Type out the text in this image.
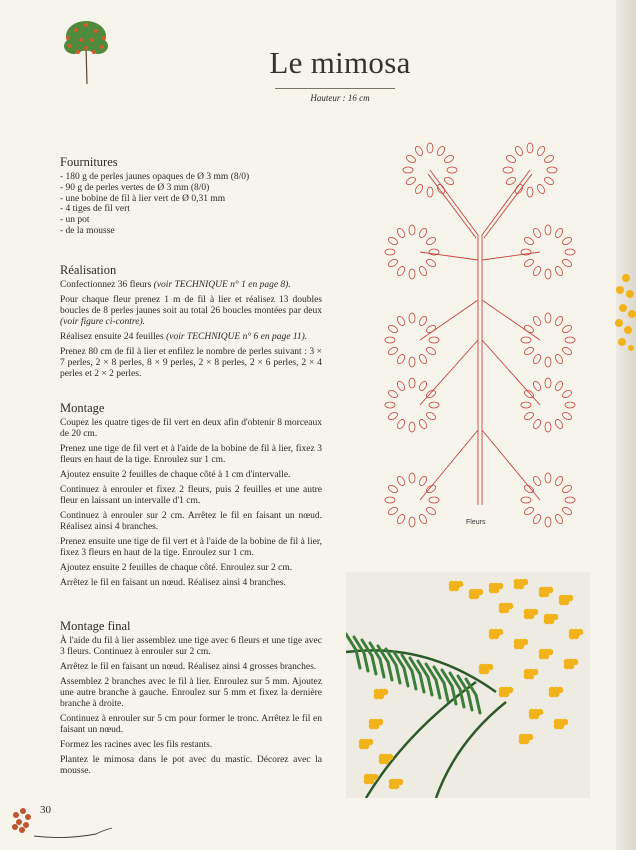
Le mimosa
Hauteur : 16 cm
Fournitures
- 180 g de perles jaunes opaques de Ø 3 mm (8/0)
- 90 g de perles vertes de Ø 3 mm (8/0)
- une bobine de fil à lier vert de Ø 0,31 mm
- 4 tiges de fil vert
- un pot
- de la mousse
Réalisation

Confectionnez 36 fleurs (voir TECHNIQUE n° 1 en page 8).

Pour chaque fleur prenez 1 m de fil à lier et réalisez 13 doubles boucles de 8 perles jaunes soit au total 26 boucles montées par deux (voir figure ci-contre).

Réalisez ensuite 24 feuilles (voir TECHNIQUE n° 6 en page 11).

Prenez 80 cm de fil à lier et enfilez le nombre de perles suivant : 3 × 7 perles, 2 × 8 perles, 8 × 9 perles, 2 × 8 perles, 2 × 6 perles, 2 × 4 perles et 2 × 2 perles.

Montage

Coupez les quatre tiges de fil vert en deux afin d'obtenir 8 morceaux de 20 cm.

Prenez une tige de fil vert et à l'aide de la bobine de fil à lier, fixez 3 fleurs en haut de la tige. Enroulez sur 1 cm.

Ajoutez ensuite 2 feuilles de chaque côté à 1 cm d'intervalle.

Continuez à enrouler et fixez 2 fleurs, puis 2 feuilles et une autre fleur en laissant un intervalle d'1 cm.

Continuez à enrouler sur 2 cm. Arrêtez le fil en faisant un nœud. Réalisez ainsi 4 branches.

Prenez ensuite une tige de fil vert et à l'aide de la bobine de fil à lier, fixez 3 fleurs en haut de la tige. Enroulez sur 1 cm.

Ajoutez ensuite 2 feuilles de chaque côté. Enroulez sur 2 cm.

Arrêtez le fil en faisant un nœud. Réalisez ainsi 4 branches.

Montage final

À l'aide du fil à lier assemblez une tige avec 6 fleurs et une tige avec 3 fleurs. Continuez à enrouler sur 2 cm.

Arrêtez le fil en faisant un nœud. Réalisez ainsi 4 grosses branches.

Assemblez 2 branches avec le fil à lier. Enroulez sur 5 mm. Ajoutez une autre branche à gauche. Enroulez sur 5 mm et fixez la dernière branche à droite.

Continuez à enrouler sur 5 cm pour former le tronc. Arrêtez le fil en faisant un nœud.

Formez les racines avec les fils restants.

Plantez le mimosa dans le pot avec du mastic. Décorez avec la mousse.

Fleurs
30
